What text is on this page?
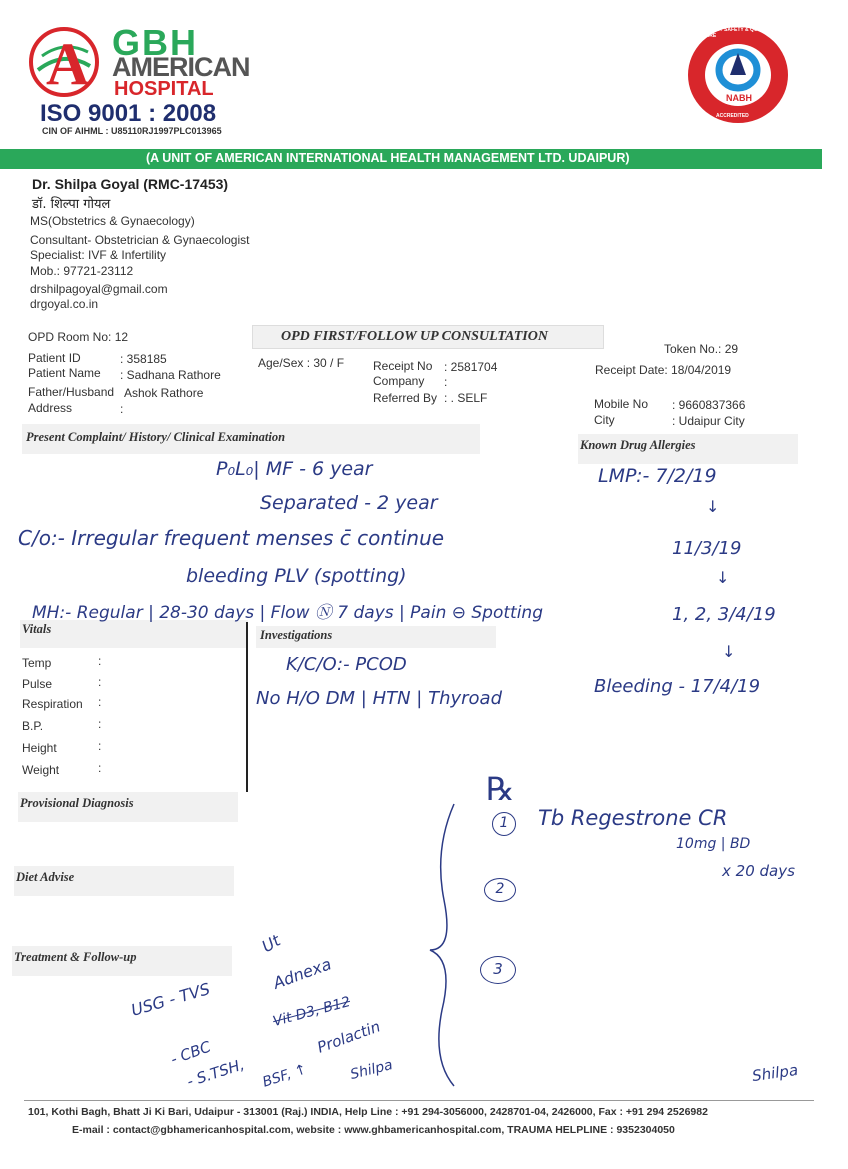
A GBH
AMERICAN
HOSPITAL
ISO 9001 : 2008
CIN OF AIHML : U85110RJ1997PLC013965
PATIENT SAFETY & QUALITY OF CARE
NABH
ACCREDITED
(A UNIT OF AMERICAN INTERNATIONAL HEALTH MANAGEMENT LTD. UDAIPUR)
Dr. Shilpa Goyal (RMC-17453)
डॉ. शिल्पा गोयल
MS(Obstetrics & Gynaecology)
Consultant- Obstetrician & Gynaecologist
Specialist: IVF & Infertility
Mob.: 97721-23112
drshilpagoyal@gmail.com
drgoyal.co.in
OPD Room No: 12	OPD FIRST/FOLLOW UP CONSULTATION
Token No.: 29
Patient ID	: 358185
Patient Name : Sadhana Rathore
Father/Husband Ashok Rathore
Address	:
Age/Sex : 30 / F Receipt No : 2581704
Company :
Referred By : . SELF
Receipt Date: 18/04/2019
Mobile No : 9660837366
City	: Udaipur City
Present Complaint/ History/ Clinical Examination
Known Drug Allergies
Vitals	Investigations
Temp	:
Pulse	:
Respiration :
B.P.	:
Height	:
Weight	:
Provisional Diagnosis
Diet Advise
Treatment & Follow-up
P₀L₀| MF - 6 year
Separated - 2 year
C/o:- Irregular frequent menses c̄ continue
bleeding PLV (spotting)
MH:- Regular | 28-30 days | Flow Ⓝ 7 days | Pain ⊖ Spotting
K/C/O:- PCOD
No H/O DM | HTN | Thyroad
LMP:- 7/2/19
↓
11/3/19
↓
1, 2, 3/4/19
↓
Bleeding - 17/4/19
℞
1	Tb Regestrone CR
10mg | BD
x 20 days
2
3
Ut
Adnexa
USG - TVS	Vit D3, B12
- CBC	Prolactin
- S.TSH, BSF, ↑	Shilpa	Shilpa
101, Kothi Bagh, Bhatt Ji Ki Bari, Udaipur - 313001 (Raj.) INDIA, Help Line : +91 294-3056000, 2428701-04, 2426000, Fax : +91 294 2526982
E-mail : contact@gbhamericanhospital.com, website : www.ghbamericanhospital.com, TRAUMA HELPLINE : 9352304050
